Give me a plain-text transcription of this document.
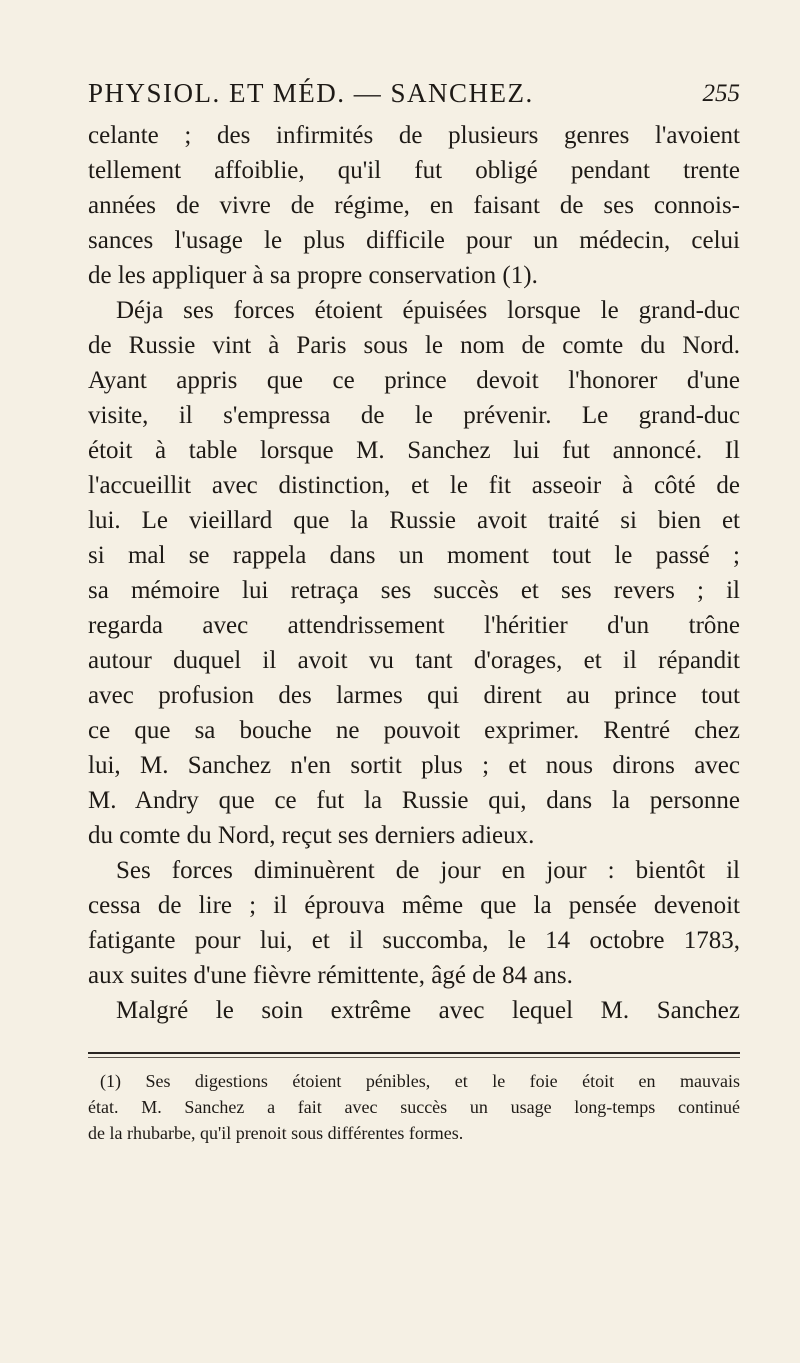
PHYSIOL. ET MÉD. — SANCHEZ.	255
celante ; des infirmités de plusieurs genres l'avoient
tellement affoiblie, qu'il fut obligé pendant trente
années de vivre de régime, en faisant de ses connois-
sances l'usage le plus difficile pour un médecin, celui
de les appliquer à sa propre conservation (1).
Déja ses forces étoient épuisées lorsque le grand-duc
de Russie vint à Paris sous le nom de comte du Nord.
Ayant appris que ce prince devoit l'honorer d'une
visite, il s'empressa de le prévenir. Le grand-duc
étoit à table lorsque M. Sanchez lui fut annoncé. Il
l'accueillit avec distinction, et le fit asseoir à côté de
lui. Le vieillard que la Russie avoit traité si bien et
si mal se rappela dans un moment tout le passé ;
sa mémoire lui retraça ses succès et ses revers ; il
regarda avec attendrissement l'héritier d'un trône
autour duquel il avoit vu tant d'orages, et il répandit
avec profusion des larmes qui dirent au prince tout
ce que sa bouche ne pouvoit exprimer. Rentré chez
lui, M. Sanchez n'en sortit plus ; et nous dirons avec
M. Andry que ce fut la Russie qui, dans la personne
du comte du Nord, reçut ses derniers adieux.
Ses forces diminuèrent de jour en jour : bientôt il
cessa de lire ; il éprouva même que la pensée devenoit
fatigante pour lui, et il succomba, le 14 octobre 1783,
aux suites d'une fièvre rémittente, âgé de 84 ans.
Malgré le soin extrême avec lequel M. Sanchez
(1) Ses digestions étoient pénibles, et le foie étoit en mauvais
état. M. Sanchez a fait avec succès un usage long-temps continué
de la rhubarbe, qu'il prenoit sous différentes formes.
